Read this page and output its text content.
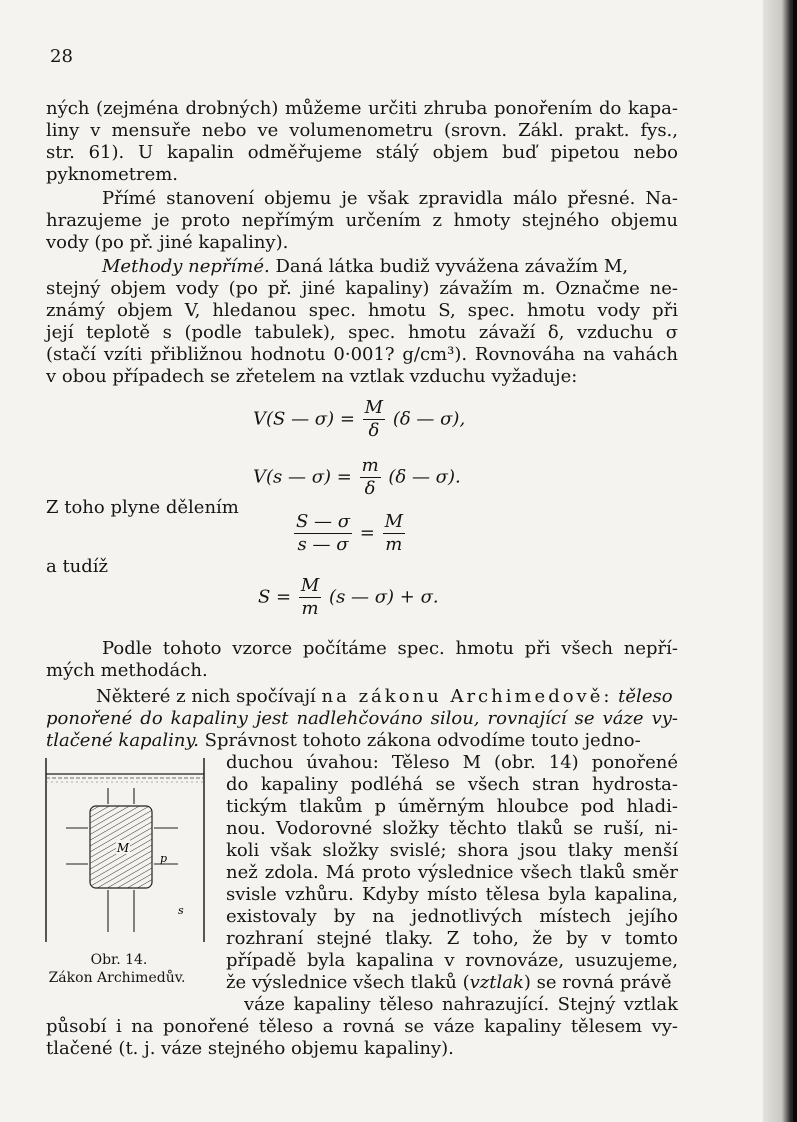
28
ných (zejména drobných) můžeme určiti zhruba ponořením do kapa-
liny v mensuře nebo ve volumenometru (srovn. Zákl. prakt. fys.,
str. 61). U kapalin odměřujeme stálý objem buď pipetou nebo
pyknometrem.
Přímé stanovení objemu je však zpravidla málo přesné. Na-
hrazujeme je proto nepřímým určením z hmoty stejného objemu
vody (po př. jiné kapaliny).
Methody nepřímé. Daná látka budiž vyvážena závažím M,
stejný objem vody (po př. jiné kapaliny) závažím m. Označme ne-
známý objem V, hledanou spec. hmotu S, spec. hmotu vody při
její teplotě s (podle tabulek), spec. hmotu závaží δ, vzduchu σ
(stačí vzíti přibližnou hodnotu 0·001? g/cm³). Rovnováha na vahách
v obou případech se zřetelem na vztlak vzduchu vyžaduje:
V(S — $\sigma) = \frac{M}{\delta} (\delta$ — σ),
V(s — $\sigma) = \frac{m}{\delta} (\delta$ — σ).
Z toho plyne dělením
$\frac{S — \sigma}{s — \sigma} = \frac{M}{m}$
a tudíž
$S = \frac{M}{m} (s$ — σ) + σ.
Podle tohoto vzorce počítáme spec. hmotu při všech nepří-
mých methodách.
Některé z nich spočívají na zákonu Archimedově: těleso
ponořené do kapaliny jest nadlehčováno silou, rovnající se váze vy-
tlačené kapaliny. Správnost tohoto zákona odvodíme touto jedno-
duchou úvahou: Těleso M (obr. 14) ponořené
do kapaliny podléhá se všech stran hydrosta-
tickým tlakům p úměrným hloubce pod hladi-
nou. Vodorovné složky těchto tlaků se ruší, ni-
koli však složky svislé; shora jsou tlaky menší
než zdola. Má proto výslednice všech tlaků směr
svisle vzhůru. Kdyby místo tělesa byla kapalina,
existovaly by na jednotlivých místech jejího
rozhraní stejné tlaky. Z toho, že by v tomto
případě byla kapalina v rovnováze, usuzujeme,
že výslednice všech tlaků (vztlak) se rovná právě
váze kapaliny těleso nahrazující. Stejný vztlak
působí i na ponořené těleso a rovná se váze kapaliny tělesem vy-
tlačené (t. j. váze stejného objemu kapaliny).
M
p
s
Obr. 14.
Zákon Archimedův.
